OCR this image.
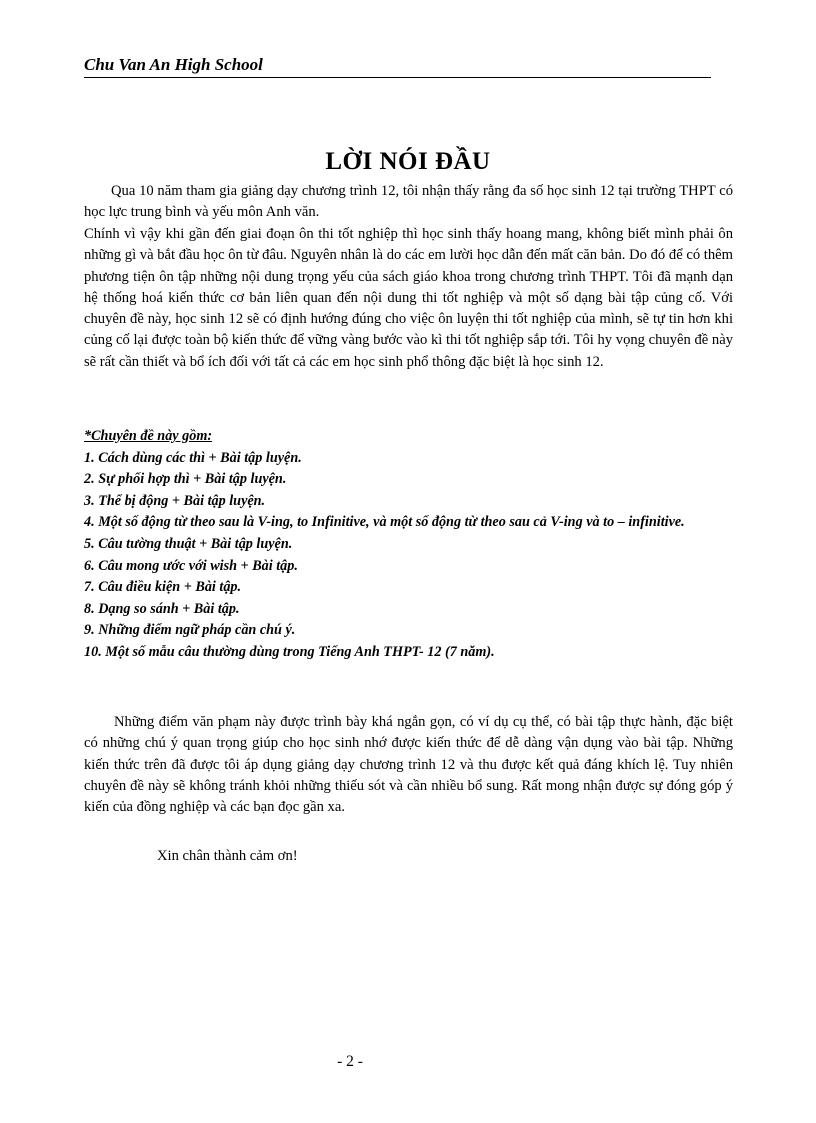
Chu Van An High School
LỜI NÓI ĐẦU

Qua 10 năm tham gia giảng dạy chương trình 12, tôi nhận thấy rằng đa số học sinh 12 tại trường THPT có học lực trung bình và yếu môn Anh văn.

Chính vì vậy khi gần đến giai đoạn ôn thi tốt nghiệp thì học sinh thấy hoang mang, không biết mình phải ôn những gì và bắt đầu học ôn từ đâu. Nguyên nhân là do các em lười học dẫn đến mất căn bản. Do đó để có thêm phương tiện ôn tập những nội dung trọng yếu của sách giáo khoa trong chương trình THPT. Tôi đã mạnh dạn hệ thống hoá kiến thức cơ bản liên quan đến nội dung thi tốt nghiệp và một số dạng bài tập củng cố. Với chuyên đề này, học sinh 12 sẽ có định hướng đúng cho việc ôn luyện thi tốt nghiệp của mình, sẽ tự tin hơn khi củng cố lại được toàn bộ kiến thức để vững vàng bước vào kì thi tốt nghiệp sắp tới. Tôi hy vọng chuyên đề này sẽ rất cần thiết và bổ ích đối với tất cả các em học sinh phổ thông đặc biệt là học sinh 12.

*Chuyên đề này gồm:
1. Cách dùng các thì + Bài tập luyện.
2. Sự phối hợp thì + Bài tập luyện.
3. Thể bị động + Bài tập luyện.
4. Một số động từ theo sau là V-ing, to Infinitive, và một số động từ theo sau cả V-ing và to – infinitive.
5. Câu tường thuật + Bài tập luyện.
6. Câu mong ước với wish + Bài tập.
7. Câu điều kiện + Bài tập.
8. Dạng so sánh + Bài tập.
9. Những điểm ngữ pháp cần chú ý.
10. Một số mẫu câu thường dùng trong Tiếng Anh THPT- 12 (7 năm).

Những điểm văn phạm này được trình bày khá ngắn gọn, có ví dụ cụ thể, có bài tập thực hành, đặc biệt có những chú ý quan trọng giúp cho học sinh nhớ được kiến thức để dễ dàng vận dụng vào bài tập. Những kiến thức trên đã được tôi áp dụng giảng dạy chương trình 12 và thu được kết quả đáng khích lệ. Tuy nhiên chuyên đề này sẽ không tránh khỏi những thiếu sót và cần nhiều bổ sung. Rất mong nhận được sự đóng góp ý kiến của đồng nghiệp và các bạn đọc gần xa.

Xin chân thành cảm ơn!
- 2 -
